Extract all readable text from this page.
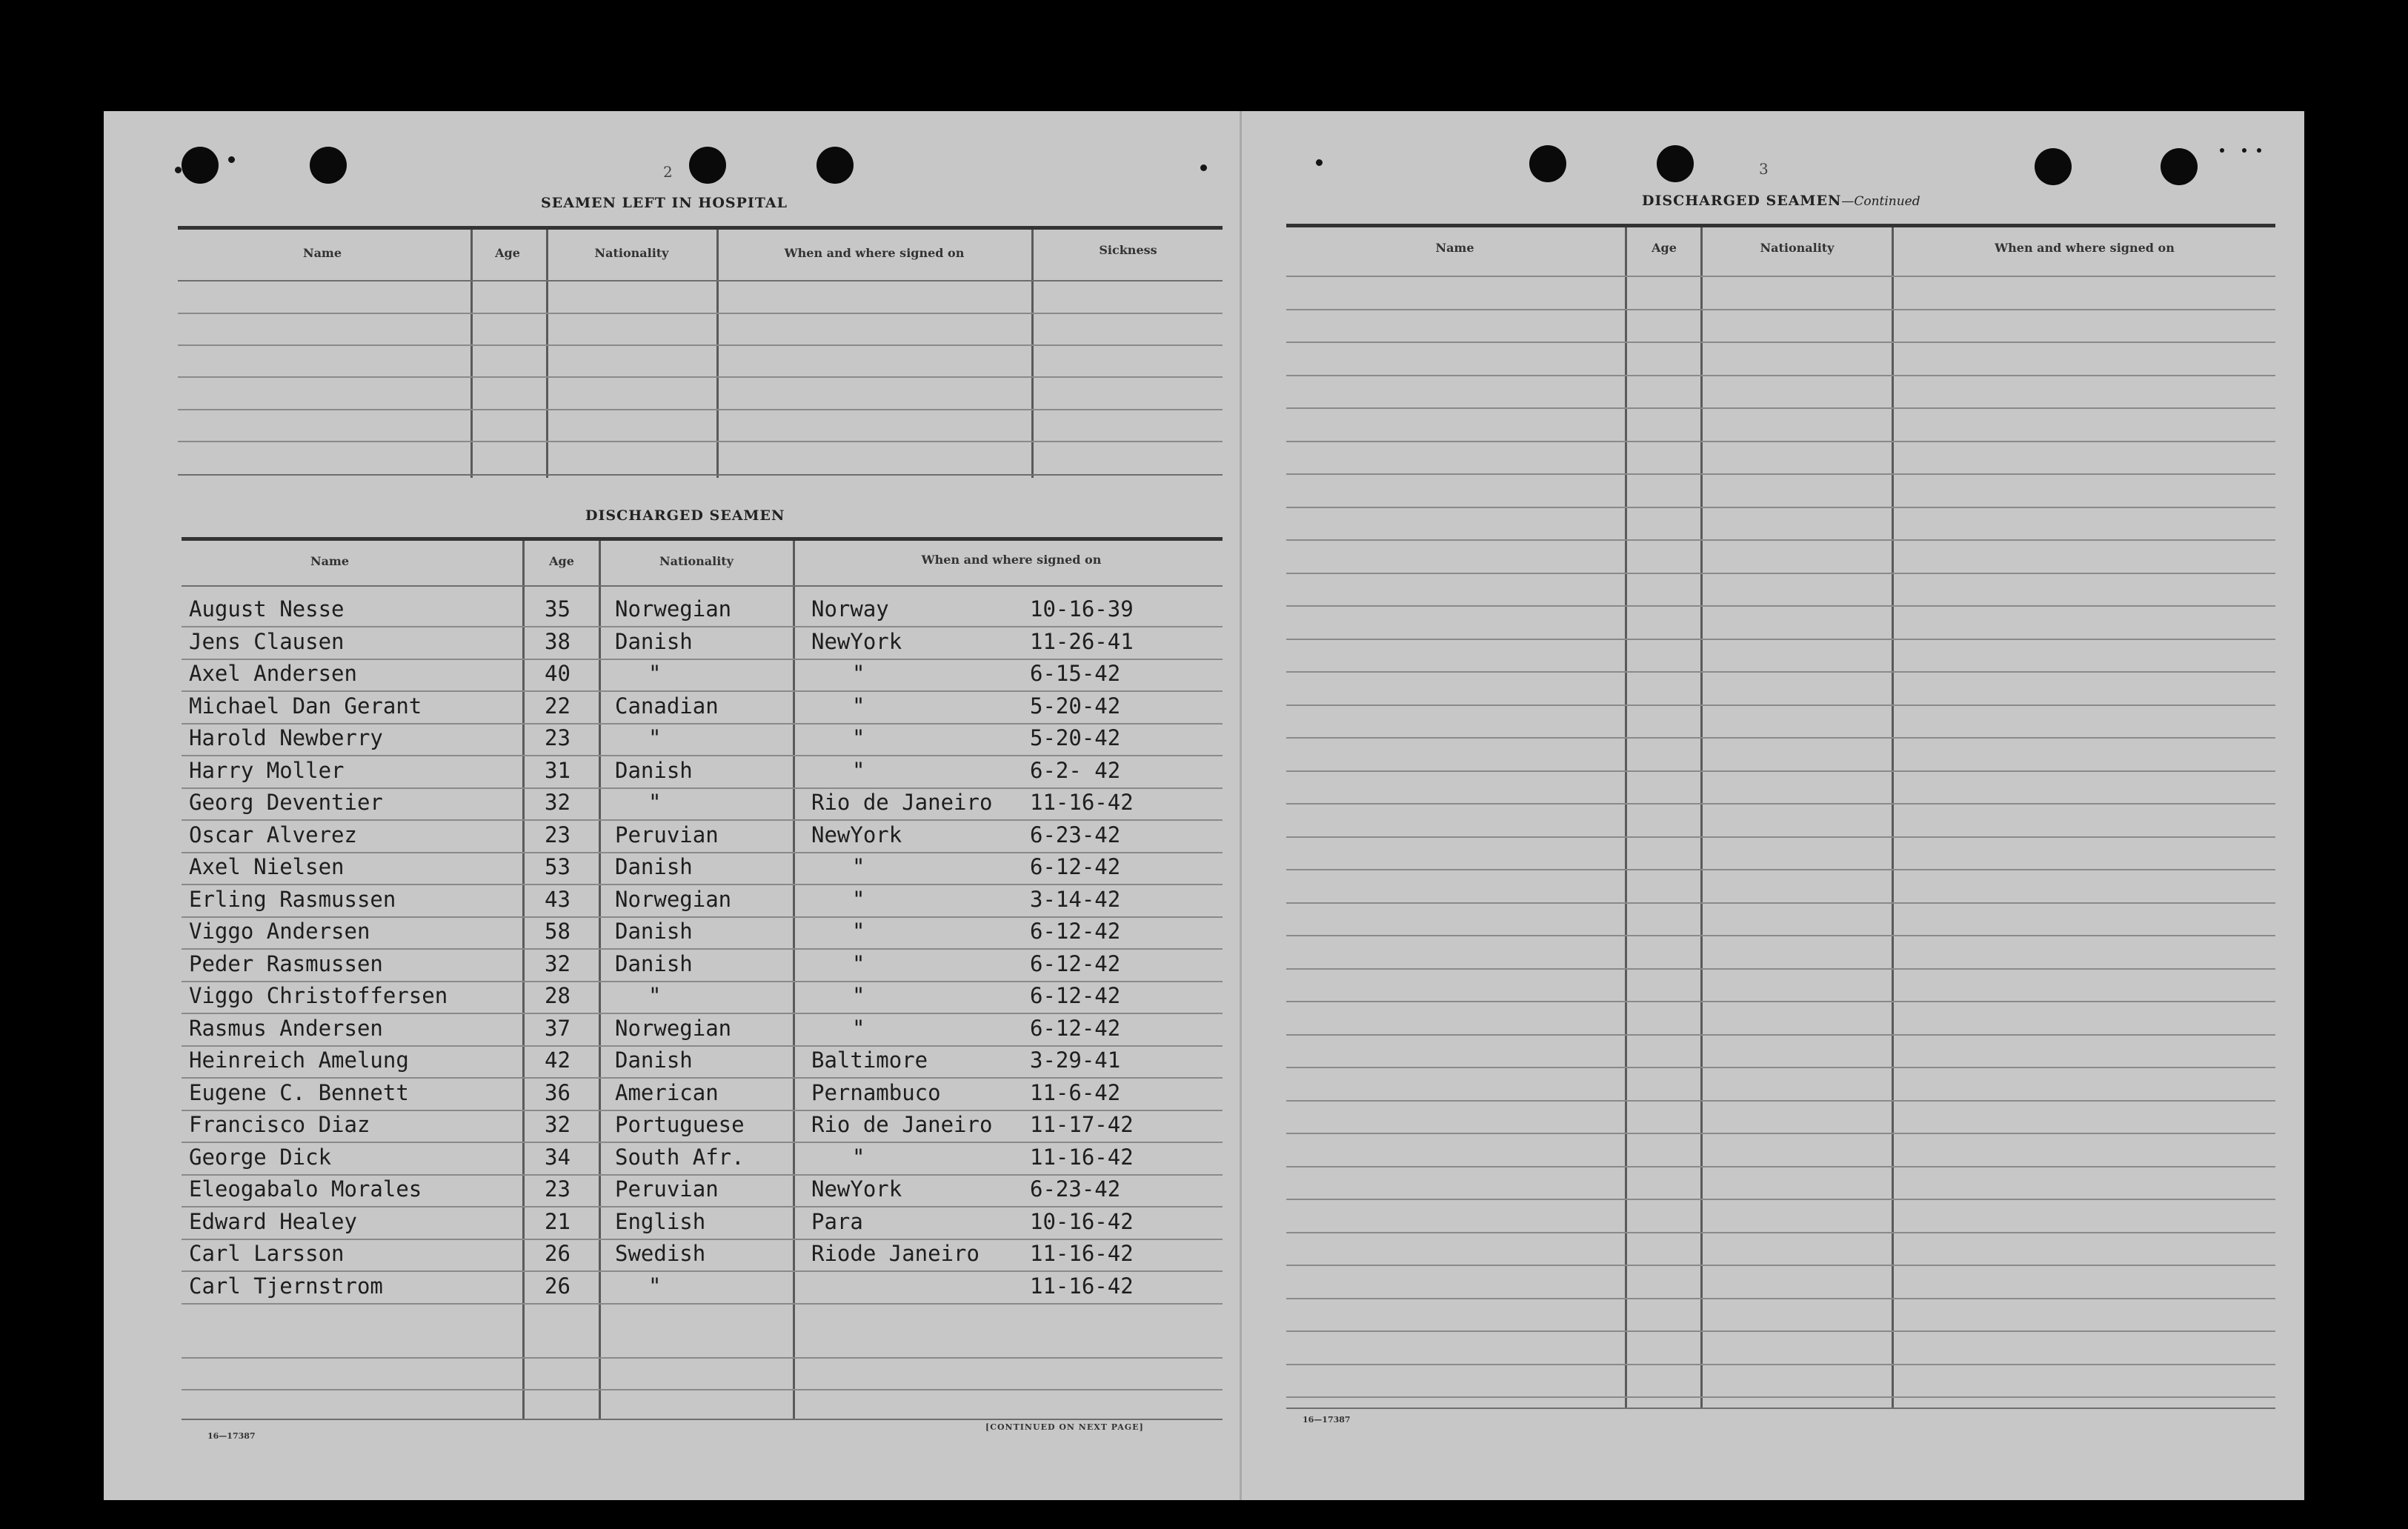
2
SEAMEN LEFT IN HOSPITAL
Name	Age	Nationality	When and where signed on	Sickness
DISCHARGED SEAMEN
Name	Age	Nationality	When and where signed on
August Nesse	35 Norwegian	Norway	10-16-39
Jens Clausen	38 Danish	NewYork	11-26-41
Axel Andersen	40	"	"	6-15-42
Michael Dan Gerant	22 Canadian	"	5-20-42
Harold Newberry	23	"	"	5-20-42
Harry Moller	31 Danish	"	6-2- 42
Georg Deventier	32	"	Rio de Janeiro 11-16-42
Oscar Alverez	23 Peruvian	NewYork	6-23-42
Axel Nielsen	53 Danish	"	6-12-42
Erling Rasmussen	43 Norwegian	"	3-14-42
Viggo Andersen	58 Danish	"	6-12-42
Peder Rasmussen	32 Danish	"	6-12-42
Viggo Christoffersen	28	"	"	6-12-42
Rasmus Andersen	37 Norwegian	"	6-12-42
Heinreich Amelung	42 Danish	Baltimore	3-29-41
Eugene C. Bennett	36 American	Pernambuco	11-6-42
Francisco Diaz	32 Portuguese	Rio de Janeiro 11-17-42
George Dick	34 South Afr.	"	11-16-42
Eleogabalo Morales	23 Peruvian	NewYork	6-23-42
Edward Healey	21 English	Para	10-16-42
Carl Larsson	26 Swedish	Riode Janeiro 11-16-42
Carl Tjernstrom	26	"	11-16-42
16—17387
[CONTINUED ON NEXT PAGE]
3
DISCHARGED SEAMEN—Continued
Name	Age	Nationality	When and where signed on
16—17387
